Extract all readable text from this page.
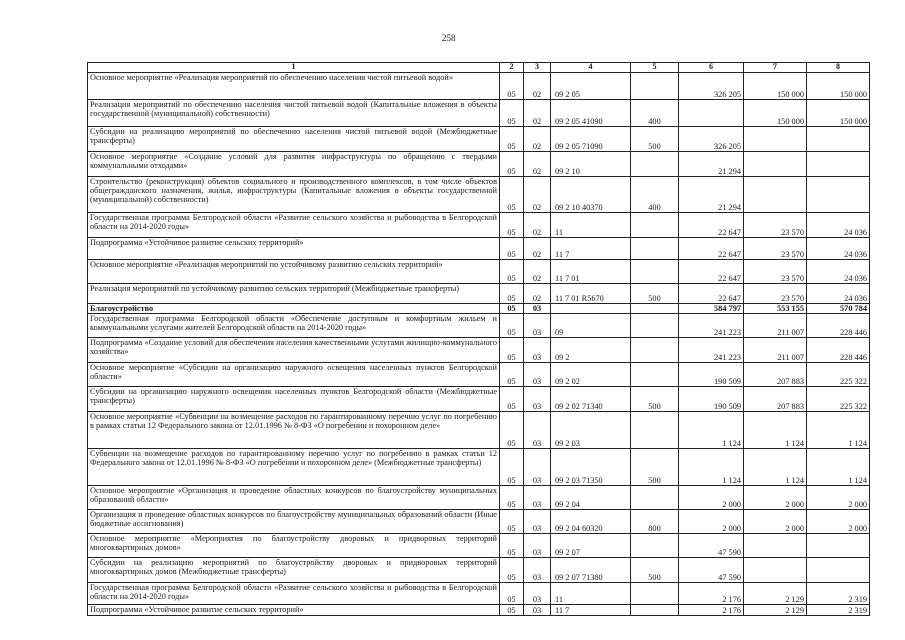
258
1	2	3	4	5	6	7	8
Основное мероприятие «Реализация мероприятий по обеспечению населения чистой питьевой водой»	05	02	09 2 05		326 205	150 000	150 000
Реализация мероприятий по обеспечению населения чистой питьевой водой (Капитальные вложения в объекты государственной (муниципальной) собственности)	05	02	09 2 05 41090	400		150 000	150 000
Субсидии на реализацию мероприятий по обеспечению населения чистой питьевой водой (Межбюджетные трансферты)	05	02	09 2 05 71090	500	326 205		
Основное мероприятие «Создание условий для развития инфраструктуры по обращению с твердыми коммунальными отходами»	05	02	09 2 10		21 294		
Строительство (реконструкция) объектов социального и производственного комплексов, в том числе объектов общегражданского назначения, жилья, инфраструктуры (Капитальные вложения в объекты государственной (муниципальной) собственности)	05	02	09 2 10 40370	400	21 294		
Государственная программа Белгородской области «Развитие сельского хозяйства и рыбоводства в Белгородской области на 2014-2020 годы»	05	02	11		22 647	23 570	24 036
Подпрограмма «Устойчивое развитие сельских территорий»	05	02	11 7		22 647	23 570	24 036
Основное мероприятие «Реализация мероприятий по устойчивому развитию сельских территорий»	05	02	11 7 01		22 647	23 570	24 036
Реализация мероприятий по устойчивому развитию сельских территорий (Межбюджетные трансферты)	05	02	11 7 01 R5670	500	22 647	23 570	24 036
Благоустройство	05	03			584 797	553 155	570 784
Государственная программа Белгородской области «Обеспечение доступным и комфортным жильем и коммунальными услугами жителей Белгородской области на 2014-2020 годы»	05	03	09		241 223	211 007	228 446
Подпрограмма «Создание условий для обеспечения населения качественными услугами жилищно-коммунального хозяйства»	05	03	09 2		241 223	211 007	228 446
Основное мероприятие «Субсидии на организацию наружного освещения населенных пунктов Белгородской области»	05	03	09 2 02		190 509	207 883	225 322
Субсидии на организацию наружного освещения населенных пунктов Белгородской области (Межбюджетные трансферты)	05	03	09 2 02 71340	500	190 509	207 883	225 322
Основное мероприятие «Субвенции на возмещение расходов по гарантированному перечню услуг по погребению в рамках статьи 12 Федерального закона от 12.01.1996 № 8-ФЗ «О погребении и похоронном деле»	05	03	09 2 03		1 124	1 124	1 124
Субвенции на возмещение расходов по гарантированному перечню услуг по погребению в рамках статьи 12 Федерального закона от 12.01.1996 № 8-ФЗ «О погребении и похоронном деле» (Межбюджетные трансферты)	05	03	09 2 03 71350	500	1 124	1 124	1 124
Основное мероприятие «Организация и проведение областных конкурсов по благоустройству муниципальных образований области»	05	03	09 2 04		2 000	2 000	2 000
Организация и проведение областных конкурсов по благоустройству муниципальных образований области (Иные бюджетные ассигнования)	05	03	09 2 04 60320	800	2 000	2 000	2 000
Основное мероприятие «Мероприятия по благоустройству дворовых и придворовых территорий многоквартирных домов»	05	03	09 2 07		47 590		
Субсидии на реализацию мероприятий по благоустройству дворовых и придворовых территорий многоквартирных домов (Межбюджетные трансферты)	05	03	09 2 07 71380	500	47 590		
Государственная программа Белгородской области «Развитие сельского хозяйства и рыбоводства в Белгородской области на 2014-2020 годы»	05	03	11		2 176	2 129	2 319
Подпрограмма «Устойчивое развитие сельских территорий»	05	03	11 7		2 176	2 129	2 319
